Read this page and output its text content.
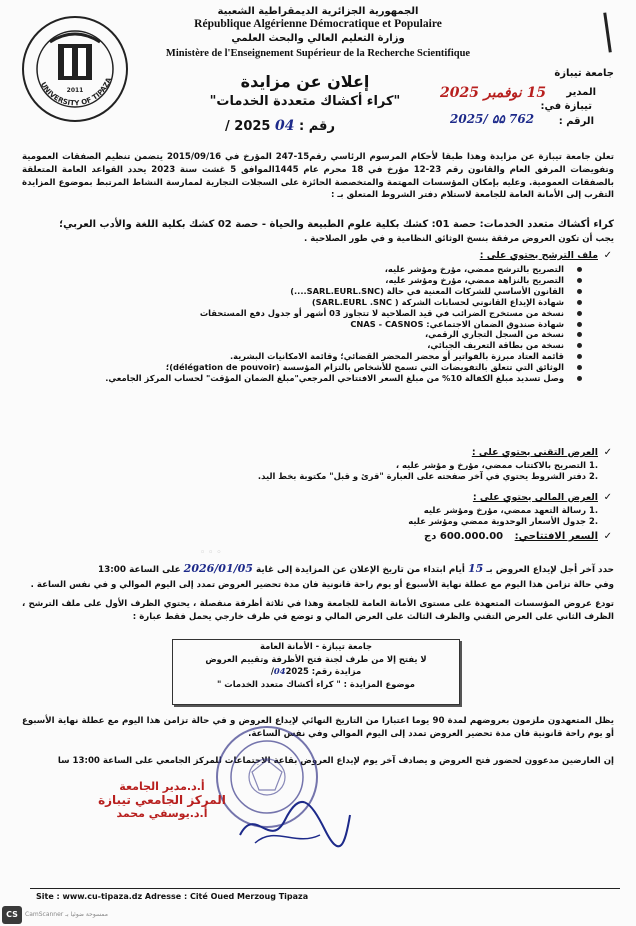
الجمهورية الجزائرية الديمقراطية الشعبية
République Algérienne Démocratique et Populaire
وزارة التعليم العالي والبحث العلمي
Ministère de l'Enseignement Supérieur de la Recherche Scientifique
UNIVERSITY OF TIPAZA
2011
جامعة تيبازة
المدير
تيبازة في:
الرقم :
15 نوفمبر 2025
2025/ ۵۵ 762
إعلان عن مزايدة
"كراء أكشاك متعددة الخدمات"
رقم : 04 2025 /
تعلن جامعة تيبازة عن مزايدة وهذا طبقا لأحكام المرسوم الرئاسي رقم15-247 المؤرخ في 2015/09/16 يتضمن تنظيم الصفقات العمومية وتفويضات المرفق العام والقانون رقم 23-12 مؤرخ في 18 محرم عام 1445الموافق 5 غشت سنة 2023 يحدد القواعد العامة المتعلقة بالصفقات العمومية. وعليه بإمكان المؤسسات المهتمة والمتخصصة الحائزة على السجلات التجارية لممارسة النشاط المرتبط بموضوع المزايدة التقرب إلى الأمانة العامة للجامعة لاستلام دفتر الشروط المتعلق بـ :
كراء أكشاك متعدد الخدمات: حصة 01: كشك بكلية علوم الطبيعة والحياة - حصة 02 كشك بكلية اللغة والأدب العربي؛
يجب أن تكون العروض مرفقة بنسخ الوثائق النظامية و في طور الصلاحية .
✓
ملف الترشح يحتوي على :
التصريح بالترشح ممضي، مؤرخ ومؤشر عليه،
التصريح بالنزاهة ممضي، مؤرخ ومؤشر عليه،
القانون الأساسي للشركات المعنية في حالة (SARL.EURL.SNC....)
شهادة الإيداع القانوني لحسابات الشركة ( SARL.EURL .SNC)
نسخة من مستخرج الضرائب في قيد الصلاحية لا تتجاوز 03 أشهر أو جدول دفع المستحقات
شهادة صندوق الضمان الاجتماعي: CNAS - CASNOS
نسخة من السجل التجاري الرقمي،
نسخة من بطاقة التعريف الجبائي،
قائمة العتاد مبرزة بالفواتير أو محضر المحضر القضائي؛ وقائمة الامكانيات البشرية.
الوثائق التي تتعلق بالتفويضات التي تسمح للأشخاص بالتزام المؤسسة (délégation de pouvoir)؛
وصل تسديد مبلغ الكفالة 10% من مبلغ السعر الافتتاحي المرجعي"مبلغ الضمان المؤقت" لحساب المركز الجامعي.
✓
العرض التقني يحتوي على :
.1 التصريح بالاكتتاب ممضي، مؤرخ و مؤشر عليه ،
.2 دفتر الشروط يحتوي في آخر صفحته على العبارة "قرئ و قبل" مكتوبة بخط اليد.
✓
العرض المالي يحتوي على :
.1 رسالة التعهد ممضي، مؤرخ ومؤشر عليه
.2 جدول الأسعار الوحدوية ممضي ومؤشر عليه
✓
السعر الافتتاحي: 600.000.00 دج
◦ ◦ ◦
حدد آخر أجل لإيداع العروض بـ 15 أيام ابتداء من تاريخ الإعلان عن المزايدة إلى غاية 2026/01/05 على الساعة 13:00
وفي حالة تزامن هذا اليوم مع عطلة نهاية الأسبوع أو يوم راحة قانونية فان مدة تحضير العروض تمدد إلى اليوم الموالي و في نفس الساعة .
تودع عروض المؤسسات المتعهدة على مستوى الأمانة العامة للجامعة وهذا في ثلاثة أظرفة منفصلة ، يحتوي الظرف الأول على ملف الترشح ، الظرف الثاني على العرض التقني والظرف الثالث على العرض المالي و توضع في ظرف خارجي يحمل فقط عبارة :
جامعة تيبازة - الأمانة العامة
لا يفتح إلا من طرف لجنة فتح الأظرفة وتقييم العروض
مزايدة رقم: 042025/
موضوع المزايدة : " كراء أكشاك متعدد الخدمات "
يظل المتعهدون ملزمون بعروضهم لمدة 90 يوما اعتبارا من التاريخ النهائي لإيداع العروض و في حالة تزامن هذا اليوم مع عطلة نهاية الأسبوع أو يوم راحة قانونية فان مدة تحضير العروض تمدد إلى اليوم الموالي وفي نفس الساعة.
إن العارضين مدعوون لحضور فتح العروض و يصادف آخر يوم لإيداع العروض بقاعة الاجتماعات للمركز الجامعي على الساعة 13:00 سا
أ.د.مدير الجامعة
المركز الجامعي تيبازة
أ.د.يوسفي محمد
Site : www.cu-tipaza.dz Adresse : Cité Oued Merzoug Tipaza
CS	CamScanner ممسوحة ضوئيا بـ
